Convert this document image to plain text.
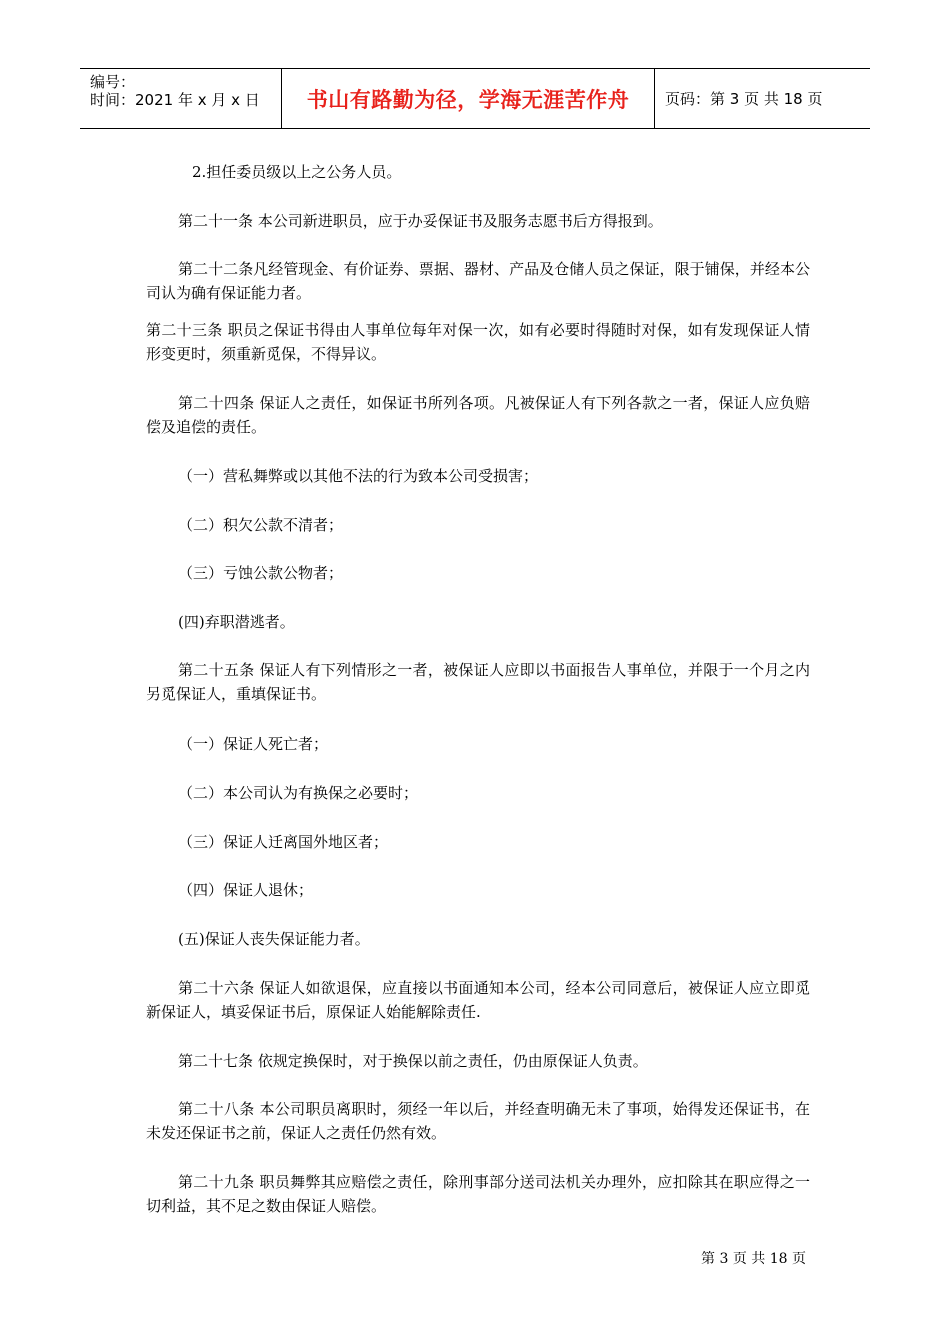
编号：
时间：2021 年 x 月 x 日 书山有路勤为径，学海无涯苦作舟 页码：第 3 页 共 18 页
2.担任委员级以上之公务人员。
第二十一条 本公司新进职员，应于办妥保证书及服务志愿书后方得报到。
第二十二条凡经管现金、有价证券、票据、器材、产品及仓储人员之保证，限于铺保，并经本公司认为确有保证能力者。
第二十三条 职员之保证书得由人事单位每年对保一次，如有必要时得随时对保，如有发现保证人情形变更时，须重新觅保，不得异议。
第二十四条 保证人之责任，如保证书所列各项。凡被保证人有下列各款之一者，保证人应负赔偿及追偿的责任。
（一）营私舞弊或以其他不法的行为致本公司受损害；
（二）积欠公款不清者；
（三）亏蚀公款公物者；
(四)弃职潜逃者。
第二十五条 保证人有下列情形之一者，被保证人应即以书面报告人事单位，并限于一个月之内另觅保证人，重填保证书。
（一）保证人死亡者；
（二）本公司认为有换保之必要时；
（三）保证人迁离国外地区者；
（四）保证人退休；
(五)保证人丧失保证能力者。
第二十六条 保证人如欲退保，应直接以书面通知本公司，经本公司同意后，被保证人应立即觅新保证人，填妥保证书后，原保证人始能解除责任.
第二十七条 依规定换保时，对于换保以前之责任，仍由原保证人负责。
第二十八条 本公司职员离职时，须经一年以后，并经查明确无未了事项，始得发还保证书，在未发还保证书之前，保证人之责任仍然有效。
第二十九条 职员舞弊其应赔偿之责任，除刑事部分送司法机关办理外，应扣除其在职应得之一切利益，其不足之数由保证人赔偿。
第 3 页 共 18 页
